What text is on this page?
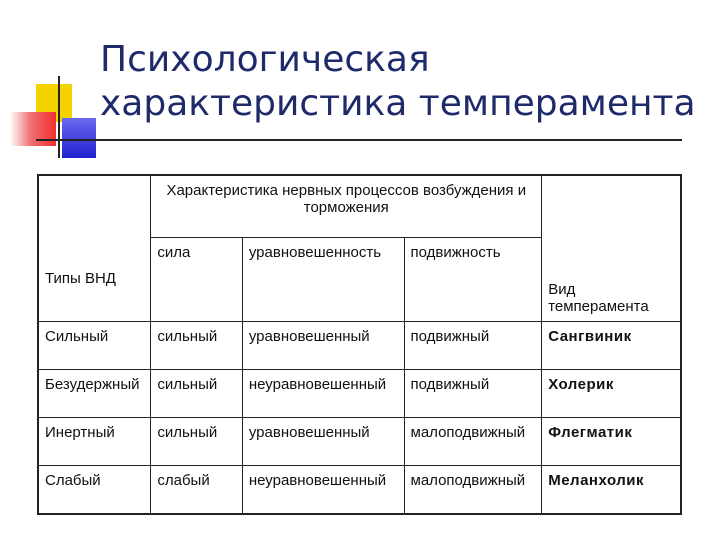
Психологическая характеристика темперамента
	Характеристика нервных процессов возбуждения и торможения			
Типы ВНД	сила	уравновешенность	подвижность	Вид темперамента
Сильный	сильный	уравновешенный	подвижный	Сангвиник
Безудержный	сильный	неуравновешенный	подвижный	Холерик
Инертный	сильный	уравновешенный	малоподвижный	Флегматик
Слабый	слабый	неуравновешенный	малоподвижный	Меланхолик
